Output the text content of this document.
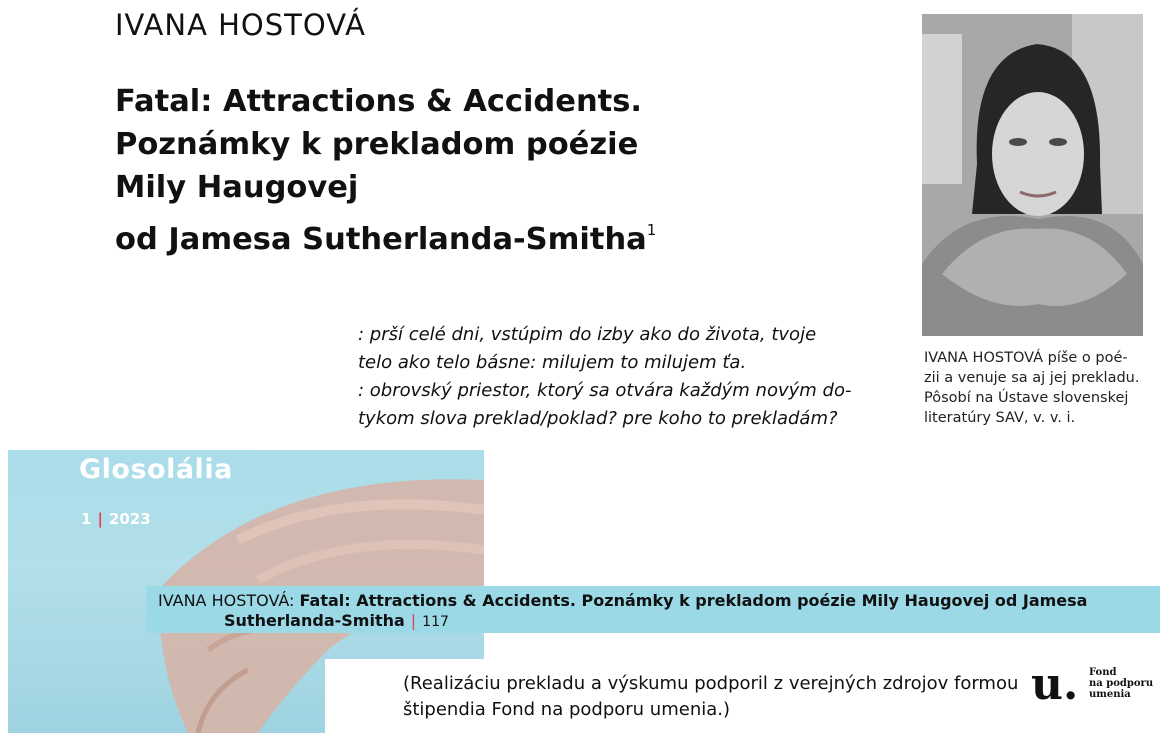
IVANA HOSTOVÁ
Fatal: Attractions & Accidents.
Poznámky k prekladom poézie
Mily Haugovej
od Jamesa Sutherlanda-Smitha$^1$
: prší celé dni, vstúpim do izby ako do života, tvoje
telo ako telo básne: milujem to milujem ťa.
: obrovský priestor, ktorý sa otvára každým novým do-
tykom slova preklad/poklad? pre koho to prekladám?
IVANA HOSTOVÁ píše o poé-
zii a venuje sa aj jej prekladu.
Pôsobí na Ústave slovenskej
literatúry SAV, v. v. i.
Glosolália
1 | 2023
IVANA HOSTOVÁ: Fatal: Attractions & Accidents. Poznámky k prekladom poézie Mily Haugovej od Jamesa
Sutherlanda-Smitha | 117
(Realizáciu prekladu a výskumu podporil z verejných zdrojov formou
štipendia Fond na podporu umenia.)	u. Fond
na podporu
umenia
